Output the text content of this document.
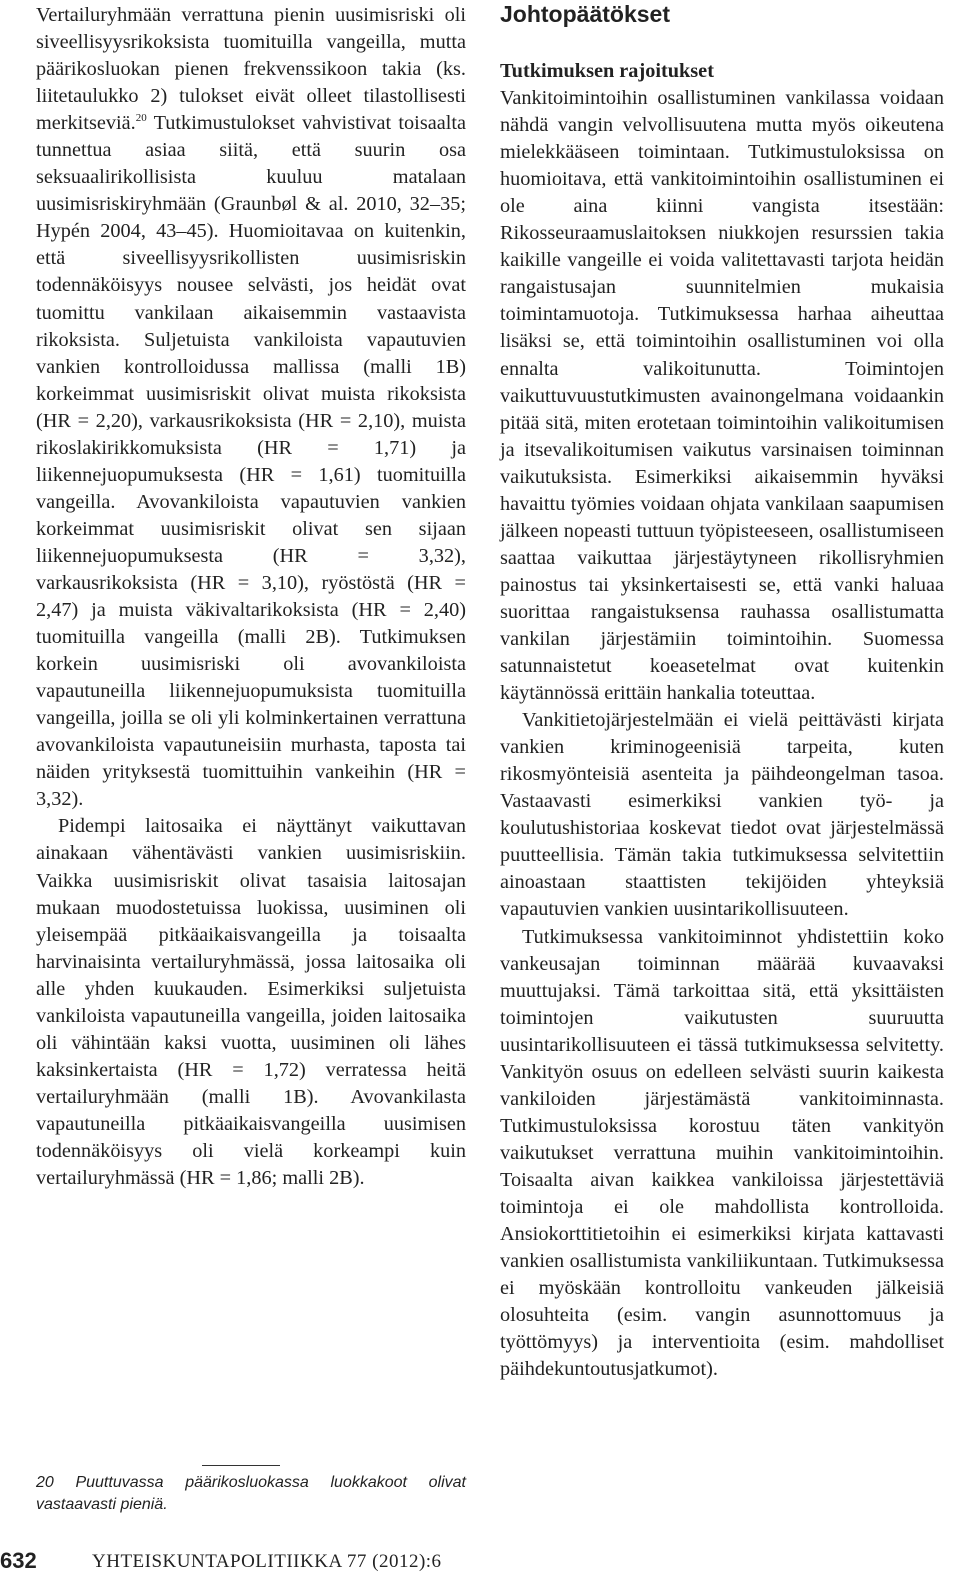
Vertailuryhmään verrattuna pienin uusimisriski oli siveellisyysrikoksista tuomituilla vangeilla, mutta päärikosluokan pienen frekvenssikoon takia (ks. liitetaulukko 2) tulokset eivät olleet tilastollisesti merkitseviä.$^{20}$ Tutkimustulokset vahvistivat toisaalta tunnettua asiaa siitä, että suurin osa seksuaalirikollisista kuuluu matalaan uusimisriskiryhmään (Graunbøl & al. 2010, 32–35; Hypén 2004, 43–45). Huomioitavaa on kuitenkin, että siveellisyysrikollisten uusimisriskin todennäköisyys nousee selvästi, jos heidät ovat tuomittu vankilaan aikaisemmin vastaavista rikoksista. Suljetuista vankiloista vapautuvien vankien kontrolloidussa mallissa (malli 1B) korkeimmat uusimisriskit olivat muista rikoksista (HR = 2,20), varkausrikoksista (HR = 2,10), muista rikoslakirikkomuksista (HR = 1,71) ja liikennejuopumuksesta (HR = 1,61) tuomituilla vangeilla. Avovankiloista vapautuvien vankien korkeimmat uusimisriskit olivat sen sijaan liikennejuopumuksesta (HR = 3,32), varkausrikoksista (HR = 3,10), ryöstöstä (HR = 2,47) ja muista väkivaltarikoksista (HR = 2,40) tuomituilla vangeilla (malli 2B). Tutkimuksen korkein uusimisriski oli avovankiloista vapautuneilla liikennejuopumuksista tuomituilla vangeilla, joilla se oli yli kolminkertainen verrattuna avovankiloista vapautuneisiin murhasta, taposta tai näiden yrityksestä tuomittuihin vankeihin (HR = 3,32).

Pidempi laitosaika ei näyttänyt vaikuttavan ainakaan vähentävästi vankien uusimisriskiin. Vaikka uusimisriskit olivat tasaisia laitosajan mukaan muodostetuissa luokissa, uusiminen oli yleisempää pitkäaikaisvangeilla ja toisaalta harvinaisinta vertailuryhmässä, jossa laitosaika oli alle yhden kuukauden. Esimerkiksi suljetuista vankiloista vapautuneilla vangeilla, joiden laitosaika oli vähintään kaksi vuotta, uusiminen oli lähes kaksinkertaista (HR = 1,72) verratessa heitä vertailuryhmään (malli 1B). Avovankilasta vapautuneilla pitkäaikaisvangeilla uusimisen todennäköisyys oli vielä korkeampi kuin vertailuryhmässä (HR = 1,86; malli 2B).

20 Puuttuvassa päärikosluokassa luokkakoot olivat vastaavasti pieniä.
Johtopäätökset

Tutkimuksen rajoitukset

Vankitoimintoihin osallistuminen vankilassa voidaan nähdä vangin velvollisuutena mutta myös oikeutena mielekkääseen toimintaan. Tutkimustuloksissa on huomioitava, että vankitoimintoihin osallistuminen ei ole aina kiinni vangista itsestään: Rikosseuraamuslaitoksen niukkojen resurssien takia kaikille vangeille ei voida valitettavasti tarjota heidän rangaistusajan suunnitelmien mukaisia toimintamuotoja. Tutkimuksessa harhaa aiheuttaa lisäksi se, että toimintoihin osallistuminen voi olla ennalta valikoitunutta. Toimintojen vaikuttuvuustutkimusten avainongelmana voidaankin pitää sitä, miten erotetaan toimintoihin valikoitumisen ja itsevalikoitumisen vaikutus varsinaisen toiminnan vaikutuksista. Esimerkiksi aikaisemmin hyväksi havaittu työmies voidaan ohjata vankilaan saapumisen jälkeen nopeasti tuttuun työpisteeseen, osallistumiseen saattaa vaikuttaa järjestäytyneen rikollisryhmien painostus tai yksinkertaisesti se, että vanki haluaa suorittaa rangaistuksensa rauhassa osallistumatta vankilan järjestämiin toimintoihin. Suomessa satunnaistetut koeasetelmat ovat kuitenkin käytännössä erittäin hankalia toteuttaa.

Vankitietojärjestelmään ei vielä peittävästi kirjata vankien kriminogeenisiä tarpeita, kuten rikosmyönteisiä asenteita ja päihdeongelman tasoa. Vastaavasti esimerkiksi vankien työ- ja koulutushistoriaa koskevat tiedot ovat järjestelmässä puutteellisia. Tämän takia tutkimuksessa selvitettiin ainoastaan staattisten tekijöiden yhteyksiä vapautuvien vankien uusintarikollisuuteen.

Tutkimuksessa vankitoiminnot yhdistettiin koko vankeusajan toiminnan määrää kuvaavaksi muuttujaksi. Tämä tarkoittaa sitä, että yksittäisten toimintojen vaikutusten suuruutta uusintarikollisuuteen ei tässä tutkimuksessa selvitetty. Vankityön osuus on edelleen selvästi suurin kaikesta vankiloiden järjestämästä vankitoiminnasta. Tutkimustuloksissa korostuu täten vankityön vaikutukset verrattuna muihin vankitoimintoihin. Toisaalta aivan kaikkea vankiloissa järjestettäviä toimintoja ei ole mahdollista kontrolloida. Ansiokorttitietoihin ei esimerkiksi kirjata kattavasti vankien osallistumista vankiliikuntaan. Tutkimuksessa ei myöskään kontrolloitu vankeuden jälkeisiä olosuhteita (esim. vangin asunnottomuus ja työttömyys) ja interventioita (esim. mahdolliset päihdekuntoutusjatkumot).

632	YHTEISKUNTAPOLITIIKKA 77 (2012):6
